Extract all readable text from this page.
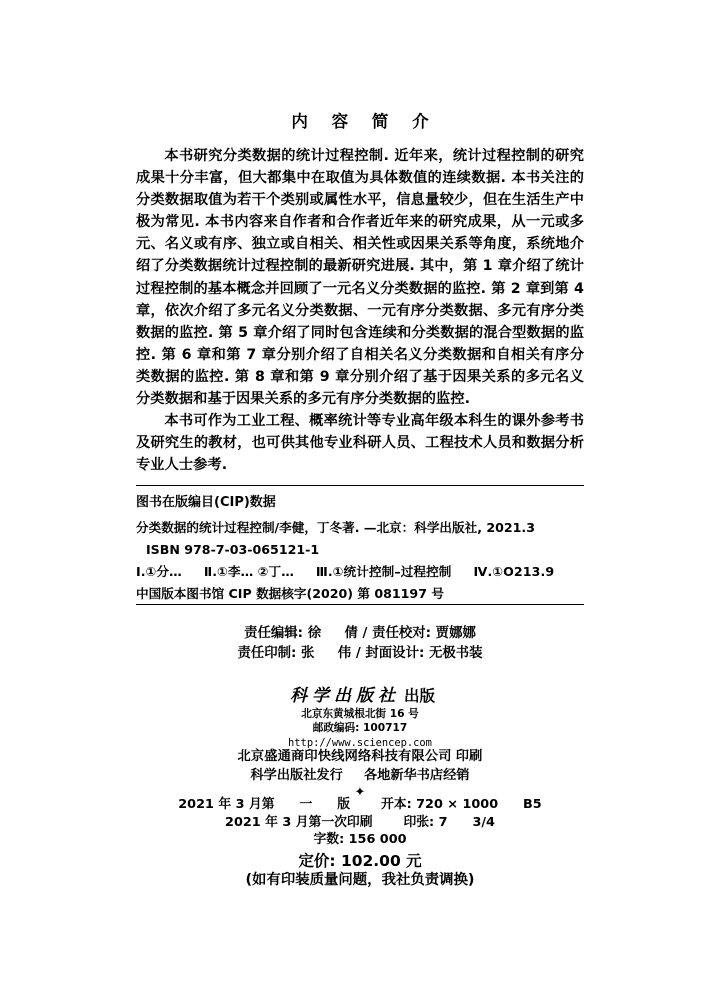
内 容 简 介

本书研究分类数据的统计过程控制. 近年来，统计过程控制的研究成果十分丰富，但大都集中在取值为具体数值的连续数据. 本书关注的分类数据取值为若干个类别或属性水平，信息量较少，但在生活生产中极为常见. 本书内容来自作者和合作者近年来的研究成果，从一元或多元、名义或有序、独立或自相关、相关性或因果关系等角度，系统地介绍了分类数据统计过程控制的最新研究进展. 其中，第 1 章介绍了统计过程控制的基本概念并回顾了一元名义分类数据的监控. 第 2 章到第 4 章，依次介绍了多元名义分类数据、一元有序分类数据、多元有序分类数据的监控. 第 5 章介绍了同时包含连续和分类数据的混合型数据的监控. 第 6 章和第 7 章分别介绍了自相关名义分类数据和自相关有序分类数据的监控. 第 8 章和第 9 章分别介绍了基于因果关系的多元名义分类数据和基于因果关系的多元有序分类数据的监控.

本书可作为工业工程、概率统计等专业高年级本科生的课外参考书及研究生的教材，也可供其他专业科研人员、工程技术人员和数据分析专业人士参考.

图书在版编目(CIP)数据
分类数据的统计过程控制/李健，丁冬著. —北京：科学出版社, 2021.3
ISBN 978-7-03-065121-1
Ⅰ.①分… Ⅱ.①李… ②丁… Ⅲ.①统计控制–过程控制 Ⅳ.①O213.9
中国版本图书馆 CIP 数据核字(2020) 第 081197 号
责任编辑: 徐 倩 / 责任校对: 贾娜娜
责任印制: 张 伟 / 封面设计: 无极书装
科学出版社 出版
北京东黄城根北街 16 号
邮政编码: 100717
http://www.sciencep.com
北京盛通商印快线网络科技有限公司 印刷
科学出版社发行 各地新华书店经销
✦
2021 年 3 月第 一 版 开本: 720 × 1000 B5
2021 年 3 月第一次印刷 印张: 7 3/4
字数: 156 000
定价: 102.00 元
(如有印装质量问题，我社负责调换)
